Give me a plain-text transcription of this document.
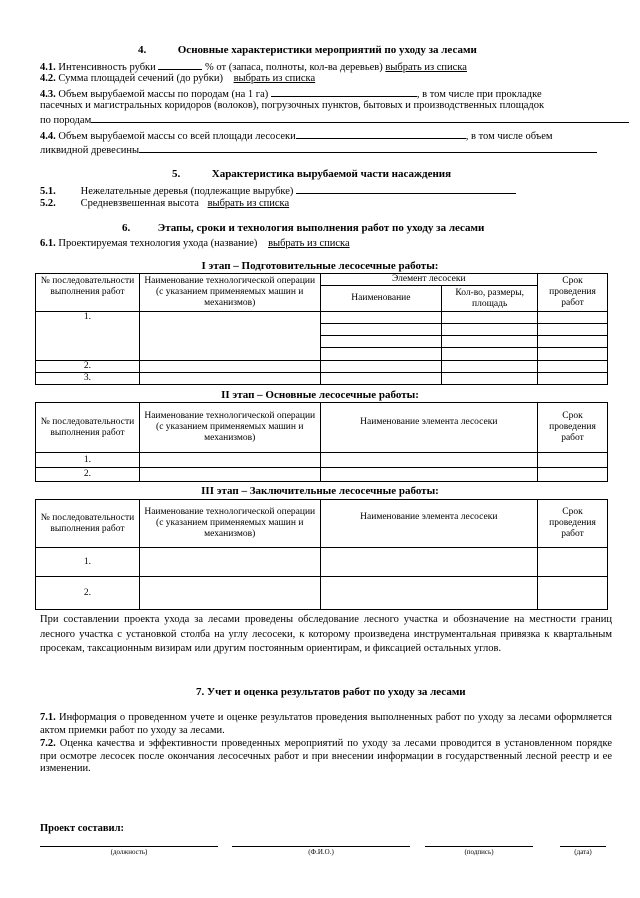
4.	Основные характеристики мероприятий по уходу за лесами
4.1. Интенсивность рубки	% от (запаса, полноты, кол-ва деревьев) выбрать из списка
4.2. Сумма площадей сечений (до рубки) выбрать из списка
4.3. Объем вырубаемой массы по породам (на 1 га)	, в том числе при прокладке
пасечных и магистральных коридоров (волоков), погрузочных пунктов, бытовых и производственных площадок
по породам
4.4. Объем вырубаемой массы со всей площади лесосеки	, в том числе объем
ликвидной древесины
5.	Характеристика вырубаемой части насаждения
5.1. Нежелательные деревья (подлежащие вырубке)
5.2. Средневзвешенная высота выбрать из списка
6.	Этапы, сроки и технология выполнения работ по уходу за лесами
6.1. Проектируемая технология ухода (название) выбрать из списка
I этап – Подготовительные лесосечные работы:
№ последовательности выполнения работ	Наименование технологической операции (с указанием применяемых машин и механизмов)	Элемент лесосеки		Срок проведения работ
		Наименование	Кол-во, размеры, площадь	
1.				

2.				
3.				
II этап – Основные лесосечные работы:
№ последовательности выполнения работ	Наименование технологической операции (с указанием применяемых машин и механизмов)	Наименование элемента лесосеки	Срок проведения работ
1.			
2.			
III этап – Заключительные лесосечные работы:
№ последовательности выполнения работ	Наименование технологической операции (с указанием применяемых машин и механизмов)	Наименование элемента лесосеки	Срок проведения работ
1.			
2.			
При составлении проекта ухода за лесами проведены обследование лесного участка и обозначение на местности границ лесного участка с установкой столба на углу лесосеки, к которому произведена инструментальная привязка к квартальным просекам, таксационным визирам или другим постоянным ориентирам, и фиксацией остальных углов.
7. Учет и оценка результатов работ по уходу за лесами
7.1. Информация о проведенном учете и оценке результатов проведения выполненных работ по уходу за лесами оформляется актом приемки работ по уходу за лесами.
7.2. Оценка качества и эффективности проведенных мероприятий по уходу за лесами проводится в установленном порядке при осмотре лесосек после окончания лесосечных работ и при внесении информации в государственный лесной реестр и ее изменении.
Проект составил:
(должность)	(Ф.И.О.)	(подпись)	(дата)
